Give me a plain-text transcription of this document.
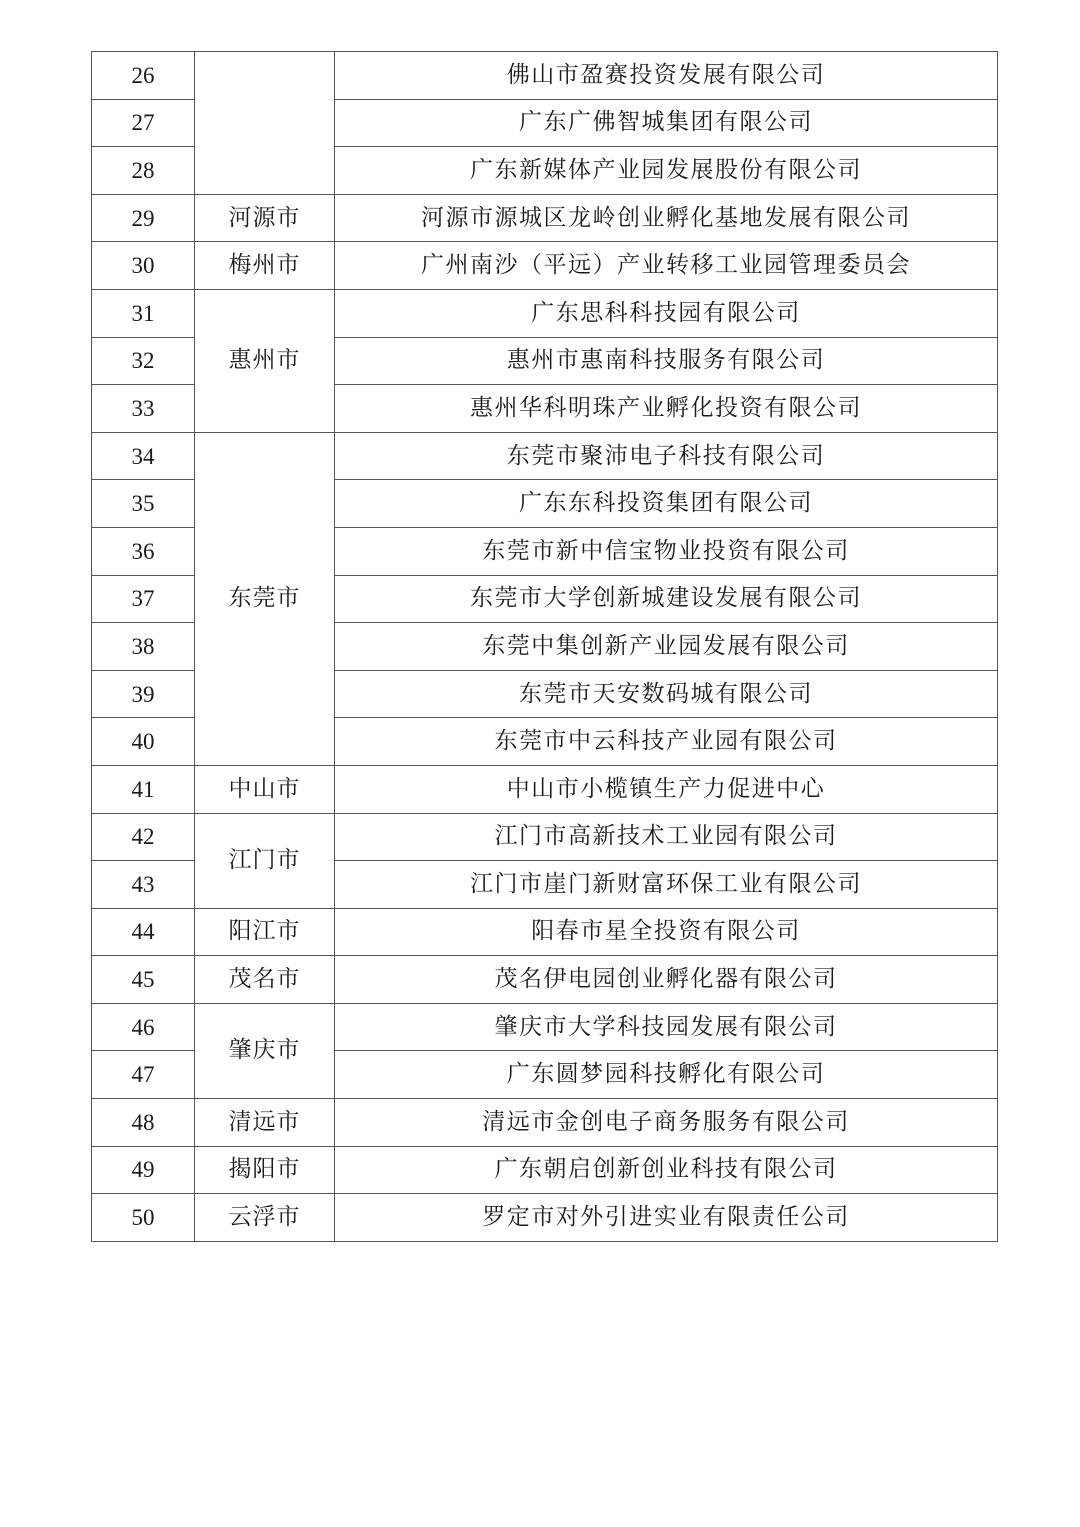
26		佛山市盈赛投资发展有限公司
27		广东广佛智城集团有限公司
28		广东新媒体产业园发展股份有限公司
29	河源市	河源市源城区龙岭创业孵化基地发展有限公司
30	梅州市	广州南沙（平远）产业转移工业园管理委员会
31	惠州市	广东思科科技园有限公司
32		惠州市惠南科技服务有限公司
33		惠州华科明珠产业孵化投资有限公司
34	东莞市	东莞市聚沛电子科技有限公司
35		广东东科投资集团有限公司
36		东莞市新中信宝物业投资有限公司
37		东莞市大学创新城建设发展有限公司
38		东莞中集创新产业园发展有限公司
39		东莞市天安数码城有限公司
40		东莞市中云科技产业园有限公司
41	中山市	中山市小榄镇生产力促进中心
42	江门市	江门市高新技术工业园有限公司
43		江门市崖门新财富环保工业有限公司
44	阳江市	阳春市星全投资有限公司
45	茂名市	茂名伊电园创业孵化器有限公司
46	肇庆市	肇庆市大学科技园发展有限公司
47		广东圆梦园科技孵化有限公司
48	清远市	清远市金创电子商务服务有限公司
49	揭阳市	广东朝启创新创业科技有限公司
50	云浮市	罗定市对外引进实业有限责任公司
